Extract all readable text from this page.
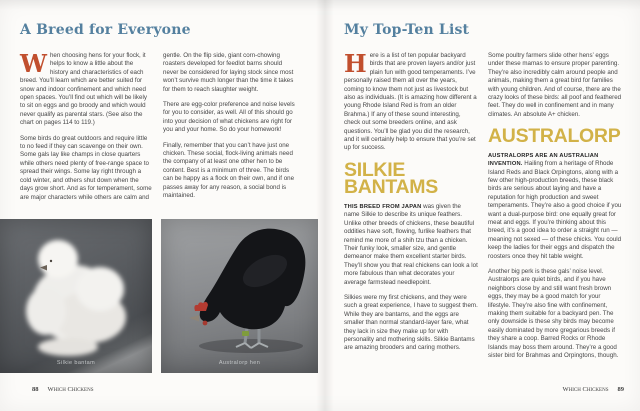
A Breed for Everyone

When choosing hens for your flock, it helps to know a little about the history and characteristics of each breed. You’ll learn which are better suited for snow and indoor confinement and which need open spaces. You’ll find out which will be likely to sit on eggs and go broody and which would never qualify as parental stars. (See also the chart on pages 114 to 119.)

Some birds do great outdoors and require little to no feed if they can scavenge on their own. Some gals lay like champs in close quarters while others need plenty of free-range space to spread their wings. Some lay right through a cold winter, and others shut down when the days grow short. And as for temperament, some are major characters while others are calm and

gentle. On the flip side, giant corn-chowing roasters developed for feedlot barns should never be considered for laying stock since most won’t survive much longer than the time it takes for them to reach slaughter weight.

There are egg-color preference and noise levels for you to consider, as well. All of this should go into your decision of what chickens are right for you and your home. So do your homework!

Finally, remember that you can’t have just one chicken. These social, flock-living animals need the company of at least one other hen to be content. Best is a minimum of three. The birds can be happy as a flock on their own, and if one passes away for any reason, a social bond is maintained.

Silkie bantam	Australorp hen
88 Which Chickens
My Top-Ten List

Here is a list of ten popular backyard birds that are proven layers and/or just plain fun with good temperaments. I’ve personally raised them all over the years, coming to know them not just as livestock but also as individuals. (It is amazing how different a young Rhode Island Red is from an older Brahma.) If any of these sound interesting, check out some breeders online, and ask questions. You’ll be glad you did the research, and it will certainly help to ensure that you’re set up for success.

SILKIE BANTAMS

THIS BREED FROM JAPAN was given the name Silkie to describe its unique feathers. Unlike other breeds of chickens, these beautiful oddities have soft, flowing, furlike feathers that remind me more of a shih tzu than a chicken. Their funky look, smaller size, and gentle demeanor make them excellent starter birds. They’ll show you that real chickens can look a lot more fabulous than what decorates your average farmstead needlepoint.

Silkies were my first chickens, and they were such a great experience, I have to suggest them. While they are bantams, and the eggs are smaller than normal standard-layer fare, what they lack in size they make up for with personality and mothering skills. Silkie Bantams are amazing brooders and caring mothers.

Some poultry farmers slide other hens’ eggs under these mamas to ensure proper parenting. They’re also incredibly calm around people and animals, making them a great bird for families with young children. And of course, there are the crazy looks of these birds: all poof and feathered feet. They do well in confinement and in many climates. An absolute A+ chicken.

AUSTRALORP

AUSTRALORPS ARE AN AUSTRALIAN INVENTION. Hailing from a heritage of Rhode Island Reds and Black Orpingtons, along with a few other high-production breeds, these black birds are serious about laying and have a reputation for high production and sweet temperaments. They’re also a good choice if you want a dual-purpose bird: one equally great for meat and eggs. If you’re thinking about this breed, it’s a good idea to order a straight run — meaning not sexed — of these chicks. You could keep the ladies for their eggs and dispatch the roosters once they hit table weight.

Another big perk is these gals’ noise level. Australorps are quiet birds, and if you have neighbors close by and still want fresh brown eggs, they may be a good match for your lifestyle. They’re also fine with confinement, making them suitable for a backyard pen. The only downside is these shy birds may become easily dominated by more gregarious breeds if they share a coop. Barred Rocks or Rhode Islands may boss them around. They’re a good sister bird for Brahmas and Orpingtons, though.

Which Chickens 89
